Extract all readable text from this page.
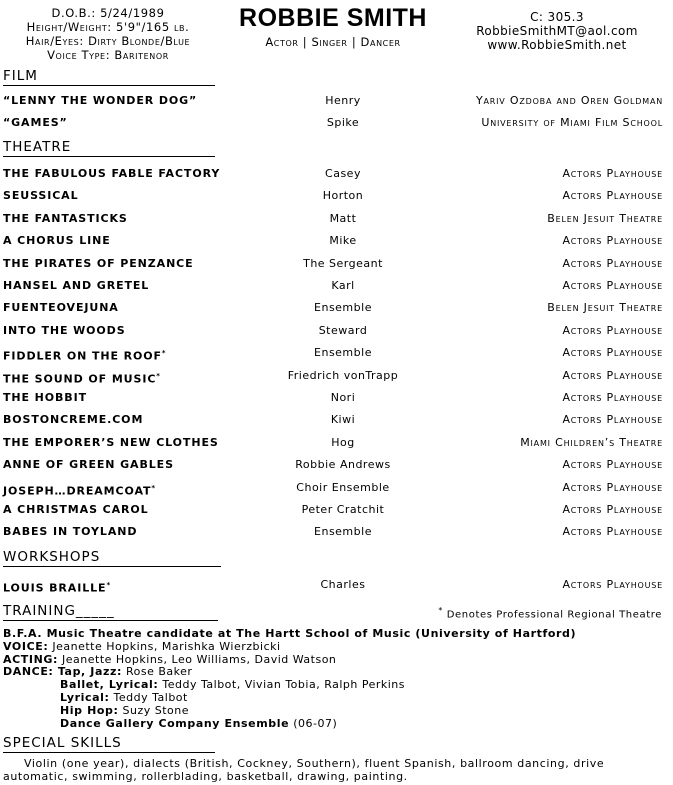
D.O.B.: 5/24/1989
Height/Weight: 5'9"/165 lb.
Hair/Eyes: Dirty Blonde/Blue
Voice Type: Baritenor
ROBBIE SMITH
Actor | Singer | Dancer
C: 305.3
RobbieSmithMT@aol.com
www.RobbieSmith.net
FILM
THEATRE
WORKSHOPS
TRAINING_____
SPECIAL SKILLS
“LENNY THE WONDER DOG”	Henry	Yariv Ozdoba and Oren Goldman
“GAMES”	Spike	University of Miami Film School
THE FABULOUS FABLE FACTORY	Casey	Actors Playhouse
SEUSSICAL	Horton	Actors Playhouse
THE FANTASTICKS	Matt	Belen Jesuit Theatre
A CHORUS LINE	Mike	Actors Playhouse
THE PIRATES OF PENZANCE	The Sergeant	Actors Playhouse
HANSEL AND GRETEL	Karl	Actors Playhouse
FUENTEOVEJUNA	Ensemble	Belen Jesuit Theatre
INTO THE WOODS	Steward	Actors Playhouse
FIDDLER ON THE ROOF*	Ensemble	Actors Playhouse
THE SOUND OF MUSIC*	Friedrich vonTrapp	Actors Playhouse
THE HOBBIT	Nori	Actors Playhouse
BOSTONCREME.COM	Kiwi	Actors Playhouse
THE EMPORER’S NEW CLOTHES	Hog	Miami Children’s Theatre
ANNE OF GREEN GABLES	Robbie Andrews	Actors Playhouse
JOSEPH…DREAMCOAT*	Choir Ensemble	Actors Playhouse
A CHRISTMAS CAROL	Peter Cratchit	Actors Playhouse
BABES IN TOYLAND	Ensemble	Actors Playhouse
LOUIS BRAILLE*	Charles	Actors Playhouse
* Denotes Professional Regional Theatre
B.F.A. Music Theatre candidate at The Hartt School of Music (University of Hartford)
VOICE: Jeanette Hopkins, Marishka Wierzbicki
ACTING: Jeanette Hopkins, Leo Williams, David Watson
DANCE: Tap, Jazz: Rose Baker
Ballet, Lyrical: Teddy Talbot, Vivian Tobia, Ralph Perkins
Lyrical: Teddy Talbot
Hip Hop: Suzy Stone
Dance Gallery Company Ensemble (06-07)
Violin (one year), dialects (British, Cockney, Southern), fluent Spanish, ballroom dancing, drive automatic, swimming, rollerblading, basketball, drawing, painting.
